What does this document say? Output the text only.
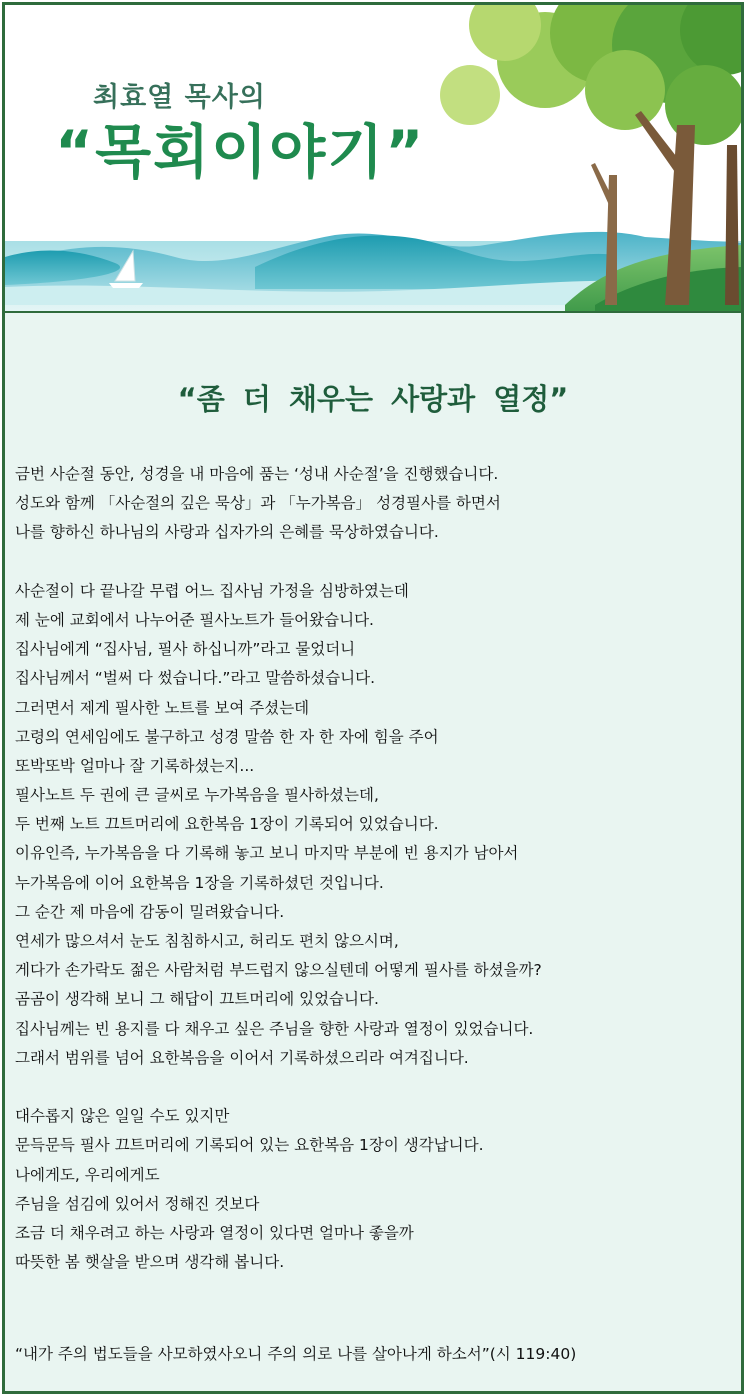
최효열 목사의
“목회이야기”
“좀 더 채우는 사랑과 열정”
금번 사순절 동안, 성경을 내 마음에 품는 ‘성내 사순절’을 진행했습니다.
성도와 함께 「사순절의 깊은 묵상」과 「누가복음」 성경필사를 하면서
나를 향하신 하나님의 사랑과 십자가의 은혜를 묵상하였습니다.
사순절이 다 끝나갈 무렵 어느 집사님 가정을 심방하였는데
제 눈에 교회에서 나누어준 필사노트가 들어왔습니다.
집사님에게 “집사님, 필사 하십니까”라고 물었더니
집사님께서 “벌써 다 썼습니다.”라고 말씀하셨습니다.
그러면서 제게 필사한 노트를 보여 주셨는데
고령의 연세임에도 불구하고 성경 말씀 한 자 한 자에 힘을 주어
또박또박 얼마나 잘 기록하셨는지...
필사노트 두 권에 큰 글씨로 누가복음을 필사하셨는데,
두 번째 노트 끄트머리에 요한복음 1장이 기록되어 있었습니다.
이유인즉, 누가복음을 다 기록해 놓고 보니 마지막 부분에 빈 용지가 남아서
누가복음에 이어 요한복음 1장을 기록하셨던 것입니다.
그 순간 제 마음에 감동이 밀려왔습니다.
연세가 많으셔서 눈도 침침하시고, 허리도 편치 않으시며,
게다가 손가락도 젊은 사람처럼 부드럽지 않으실텐데 어떻게 필사를 하셨을까?
곰곰이 생각해 보니 그 해답이 끄트머리에 있었습니다.
집사님께는 빈 용지를 다 채우고 싶은 주님을 향한 사랑과 열정이 있었습니다.
그래서 범위를 넘어 요한복음을 이어서 기록하셨으리라 여겨집니다.
대수롭지 않은 일일 수도 있지만
문득문득 필사 끄트머리에 기록되어 있는 요한복음 1장이 생각납니다.
나에게도, 우리에게도
주님을 섬김에 있어서 정해진 것보다
조금 더 채우려고 하는 사랑과 열정이 있다면 얼마나 좋을까
따뜻한 봄 햇살을 받으며 생각해 봅니다.
“내가 주의 법도들을 사모하였사오니 주의 의로 나를 살아나게 하소서”(시 119:40)
